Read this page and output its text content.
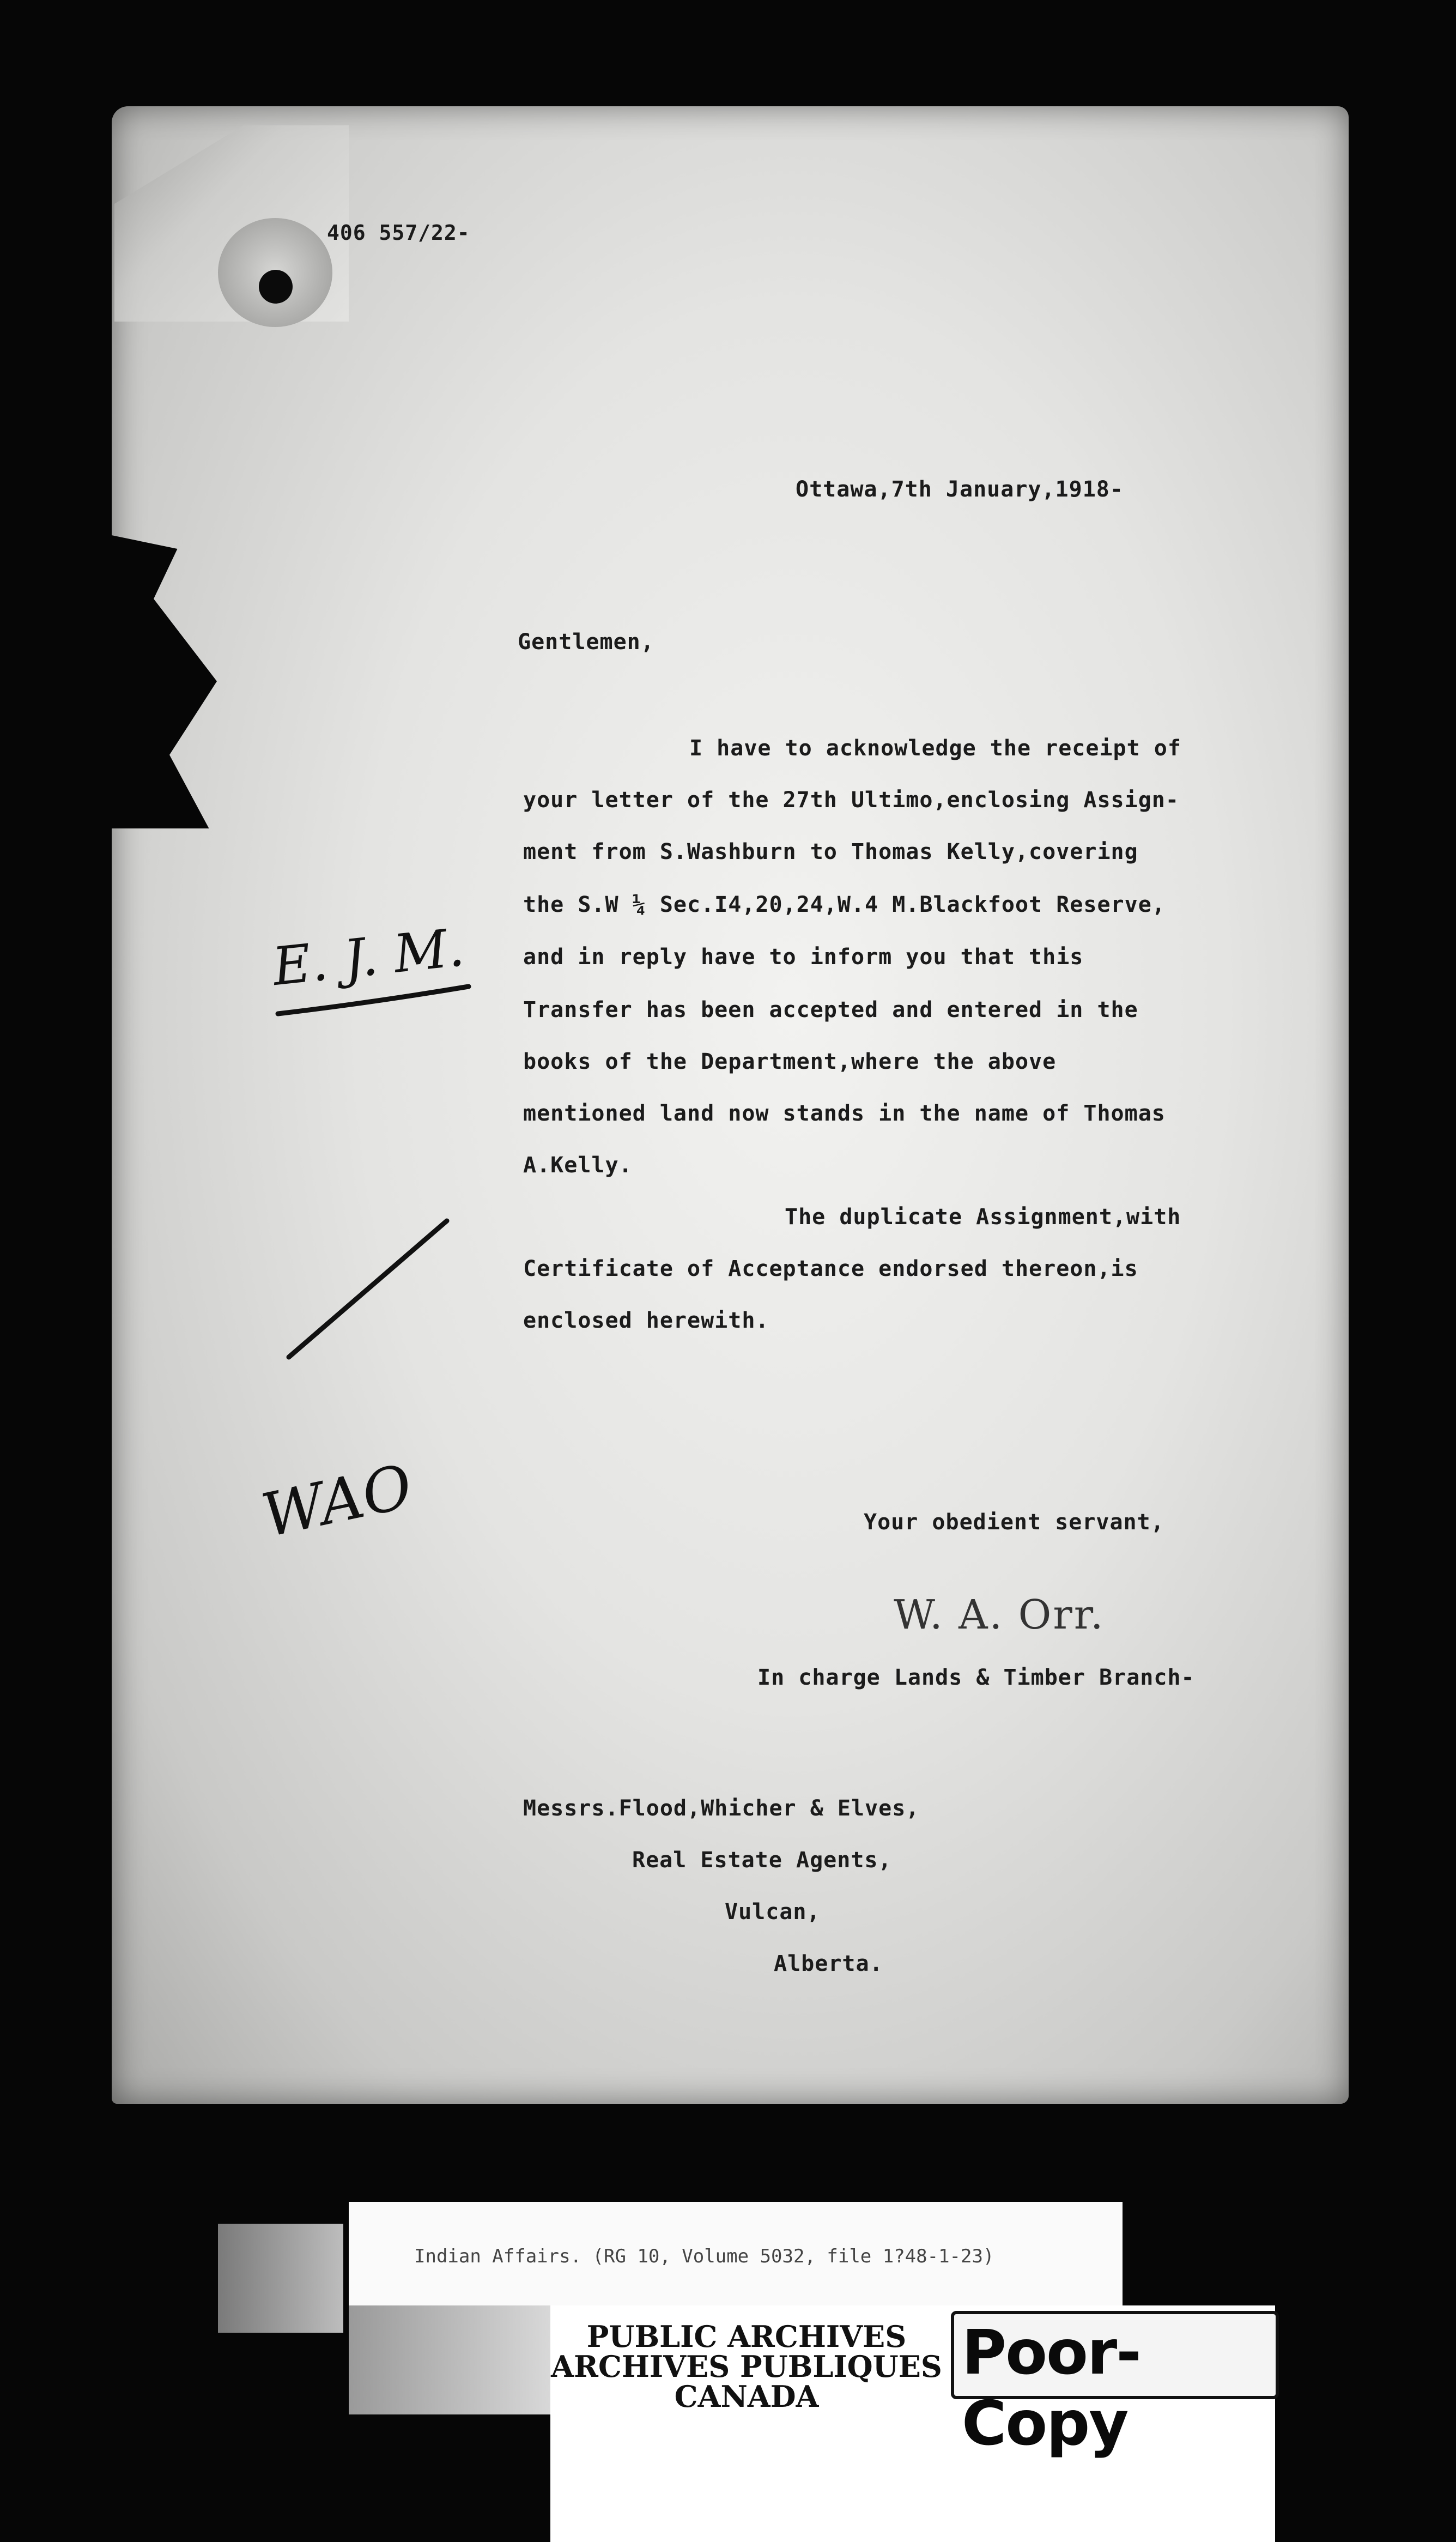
406 557/22-
Ottawa,7th January,1918-
Gentlemen,
I have to acknowledge the receipt of
your letter of the 27th Ultimo,enclosing Assign-
ment from S.Washburn to Thomas Kelly,covering
the S.W ¼ Sec.I4,20,24,W.4 M.Blackfoot Reserve,
and in reply have to inform you that this
Transfer has been accepted and entered in the
books of the Department,where the above
mentioned land now stands in the name of Thomas
A.Kelly.
The duplicate Assignment,with
Certificate of Acceptance endorsed thereon,is
enclosed herewith.
Your obedient servant,
W. A. Orr.
In charge Lands & Timber Branch-
Messrs.Flood,Whicher & Elves,
Real Estate Agents,
Vulcan,
Alberta.
E. J. M.
WAO
Indian Affairs. (RG 10, Volume 5032, file 1?48-1-23)
PUBLIC ARCHIVES
ARCHIVES PUBLIQUES
CANADA
Poor-Copy
